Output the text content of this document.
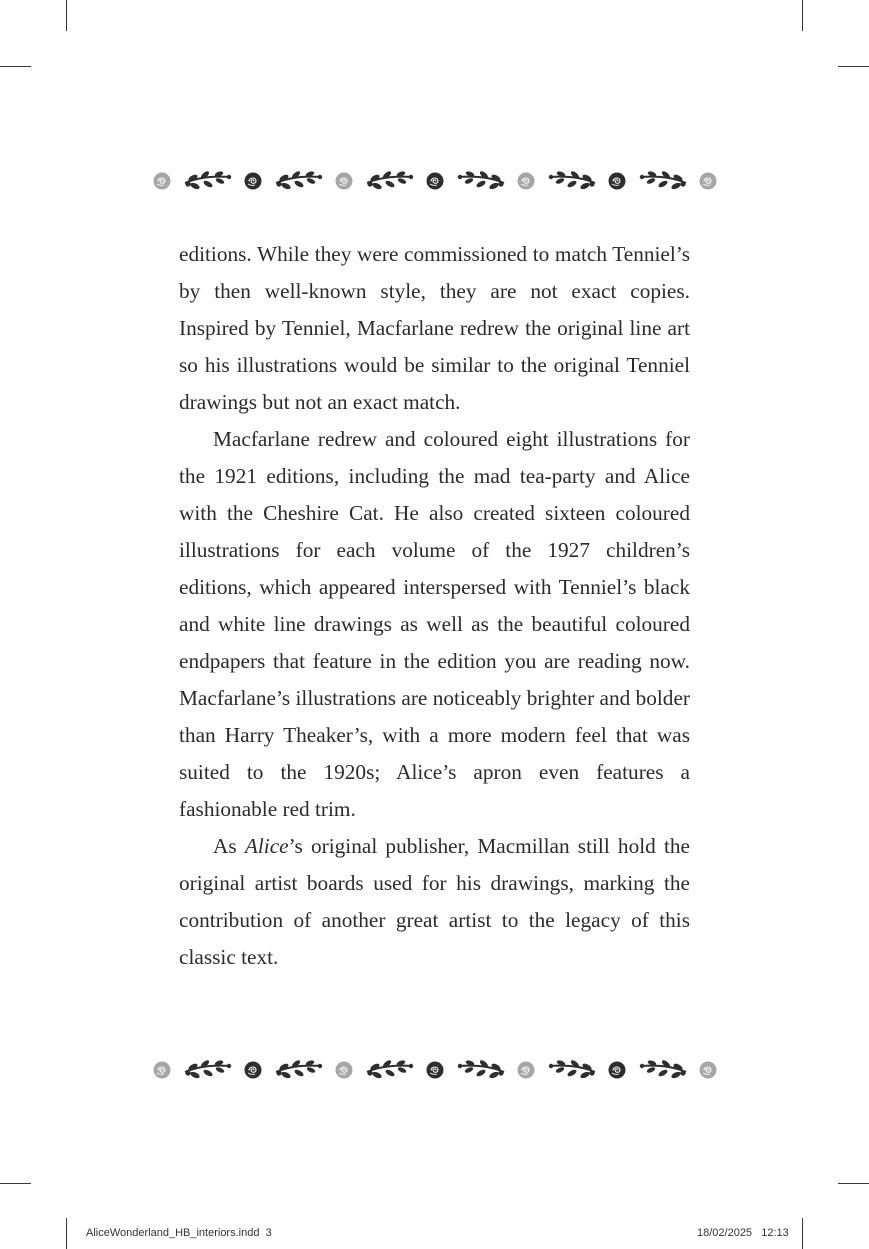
editions. While they were commissioned to match Tenniel’s by then well-known style, they are not exact copies. Inspired by Tenniel, Macfarlane redrew the original line art so his illustrations would be similar to the original Tenniel drawings but not an exact match.

Macfarlane redrew and coloured eight illustrations for the 1921 editions, including the mad tea-party and Alice with the Cheshire Cat. He also created sixteen coloured illustrations for each volume of the 1927 children’s editions, which appeared interspersed with Tenniel’s black and white line drawings as well as the beautiful coloured endpapers that feature in the edition you are reading now. Macfarlane’s illustrations are noticeably brighter and bolder than Harry Theaker’s, with a more modern feel that was suited to the 1920s; Alice’s apron even features a fashionable red trim.

As Alice’s original publisher, Macmillan still hold the original artist boards used for his drawings, marking the contribution of another great artist to the legacy of this classic text.

AliceWonderland_HB_interiors.indd 3	18/02/2025 12:13
